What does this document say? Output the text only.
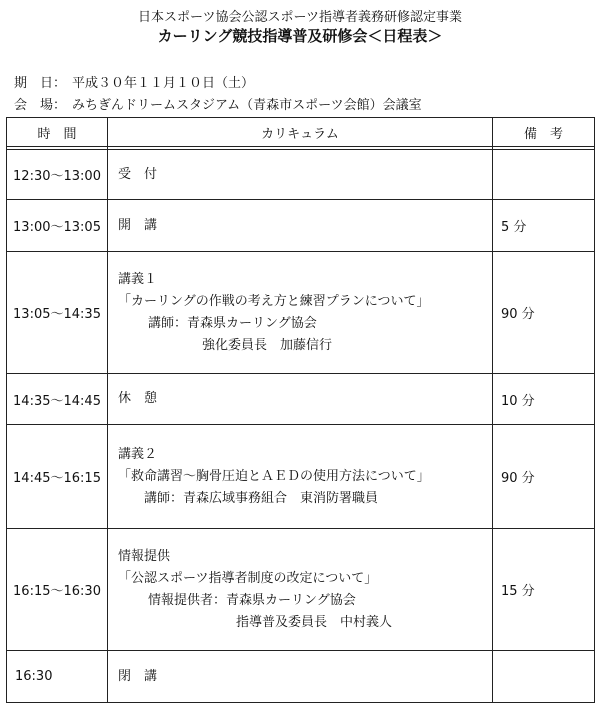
日本スポーツ協会公認スポーツ指導者義務研修認定事業

カーリング競技指導普及研修会＜日程表＞

期　日： 平成３０年１１月１０日（土）

会　場： みちぎんドリームスタジアム（青森市スポーツ会館）会議室

時　間	カリキュラム	備　考

12:30～13:00	受　付	

13:00～13:05	開　講	5 分
13:05～14:35	講義１
「カーリングの作戦の考え方と練習プランについて」
講師：青森県カーリング協会
強化委員長　加藤信行	90 分
14:35～14:45	休　憩	10 分
14:45～16:15	講義２
「救命講習～胸骨圧迫とＡＥＤの使用方法について」
講師：青森広域事務組合　東消防署職員	90 分
16:15～16:30	情報提供
「公認スポーツ指導者制度の改定について」
情報提供者：青森県カーリング協会
指導普及委員長　中村義人	15 分
16:30	閉　講	
